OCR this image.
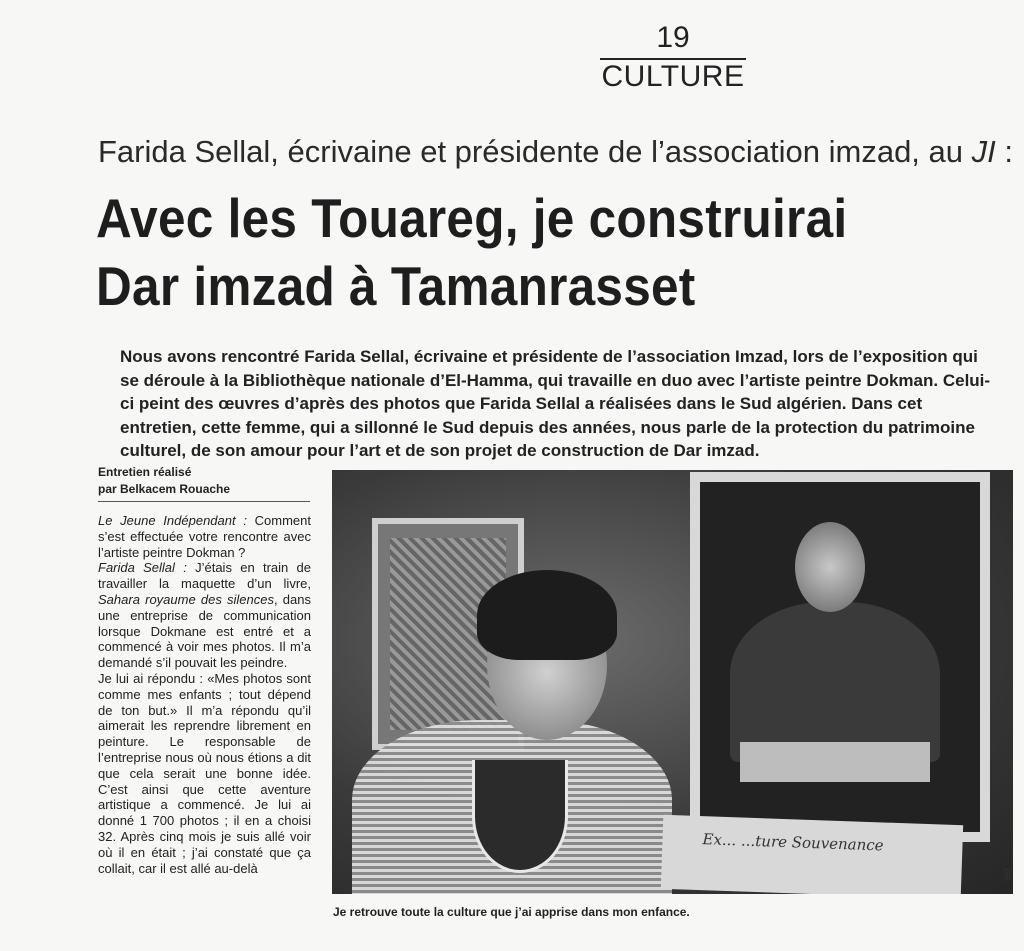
19
CULTURE
Farida Sellal, écrivaine et présidente de l’association imzad, au JI :
Avec les Touareg, je construirai
Dar imzad à Tamanrasset
Nous avons rencontré Farida Sellal, écrivaine et présidente de l’association Imzad, lors de l’exposition qui se déroule à la Bibliothèque nationale d’El-Hamma, qui travaille en duo avec l’artiste peintre Dokman. Celui-ci peint des œuvres d’après des photos que Farida Sellal a réalisées dans le Sud algérien. Dans cet entretien, cette femme, qui a sillonné le Sud depuis des années, nous parle de la protection du patrimoine culturel, de son amour pour l’art et de son projet de construction de Dar imzad.
Entretien réalisé
par Belkacem Rouache

Le Jeune Indépendant : Comment s’est effectuée votre rencontre avec l’artiste peintre Dokman ?

Farida Sellal : J’étais en train de travailler la maquette d’un livre, Sahara royaume des silences, dans une entreprise de communication lorsque Dokmane est entré et a commencé à voir mes photos. Il m’a demandé s’il pouvait les peindre.

Je lui ai répondu : «Mes photos sont comme mes enfants ; tout dépend de ton but.» Il m’a répondu qu’il aimerait les reprendre librement en peinture. Le responsable de l’entreprise nous où nous étions a dit que cela serait une bonne idée. C’est ainsi que cette aventure artistique a commencé. Je lui ai donné 1 700 photos ; il en a choisi 32. Après cinq mois je suis allé voir où il en était ; j’ai constaté que ça collait, car il est allé au-delà

Ex... ...ture Souvenance
Je retrouve toute la culture que j’ai apprise dans mon enfance.
DR
